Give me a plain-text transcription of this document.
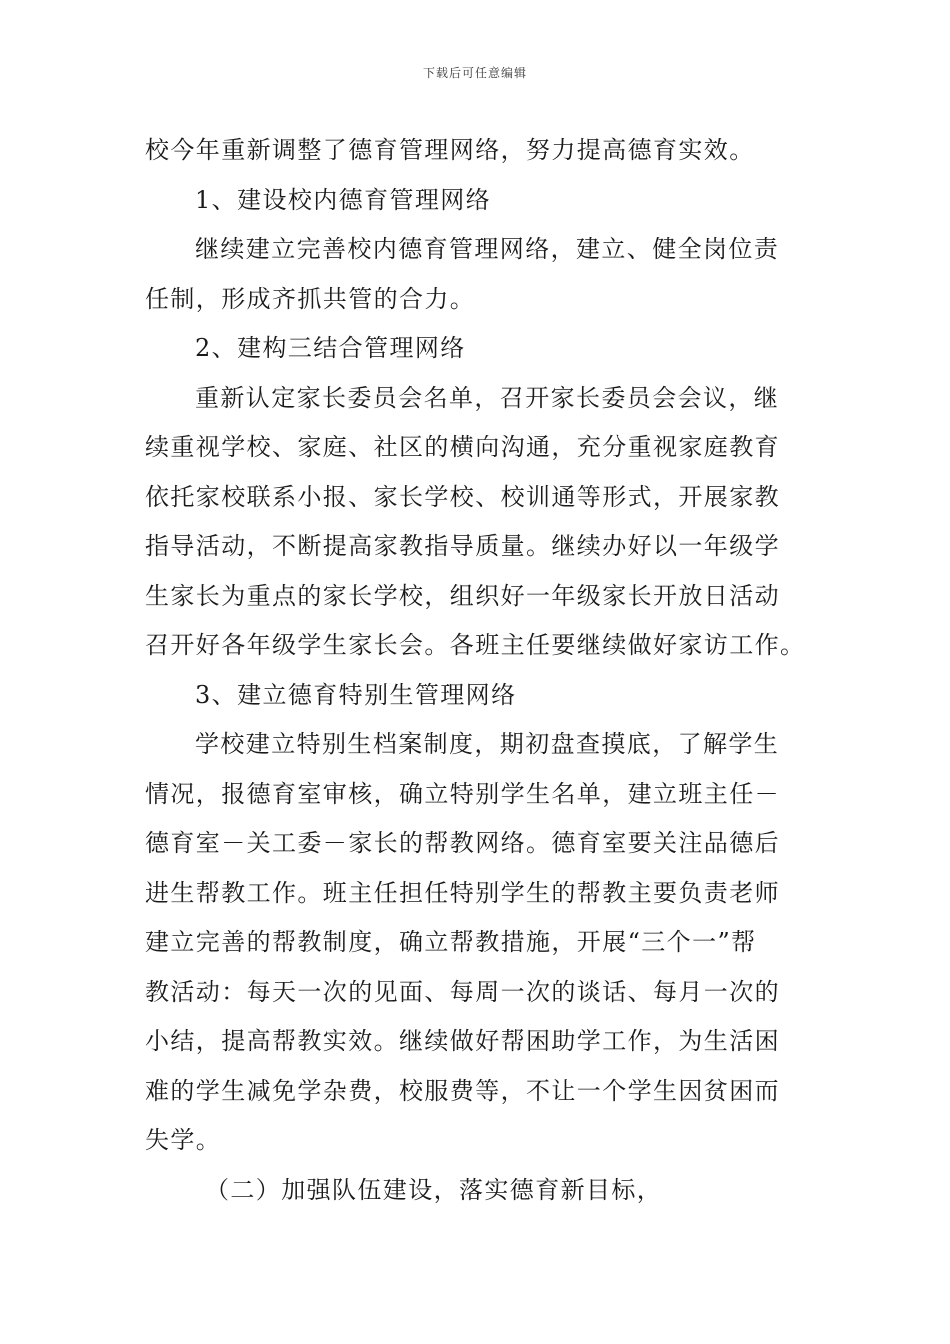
下载后可任意编辑
校今年重新调整了德育管理网络，努力提高德育实效。
1、建设校内德育管理网络
继续建立完善校内德育管理网络，建立、健全岗位责
任制，形成齐抓共管的合力。
2、建构三结合管理网络
重新认定家长委员会名单，召开家长委员会会议，继
续重视学校、家庭、社区的横向沟通，充分重视家庭教育
依托家校联系小报、家长学校、校训通等形式，开展家教
指导活动，不断提高家教指导质量。继续办好以一年级学
生家长为重点的家长学校，组织好一年级家长开放日活动
召开好各年级学生家长会。各班主任要继续做好家访工作。
3、建立德育特别生管理网络
学校建立特别生档案制度，期初盘查摸底，了解学生
情况，报德育室审核，确立特别学生名单，建立班主任－
德育室－关工委－家长的帮教网络。德育室要关注品德后
进生帮教工作。班主任担任特别学生的帮教主要负责老师
建立完善的帮教制度，确立帮教措施，开展“三个一”帮
教活动：每天一次的见面、每周一次的谈话、每月一次的
小结，提高帮教实效。继续做好帮困助学工作，为生活困
难的学生减免学杂费，校服费等，不让一个学生因贫困而
失学。
（二）加强队伍建设，落实德育新目标，
